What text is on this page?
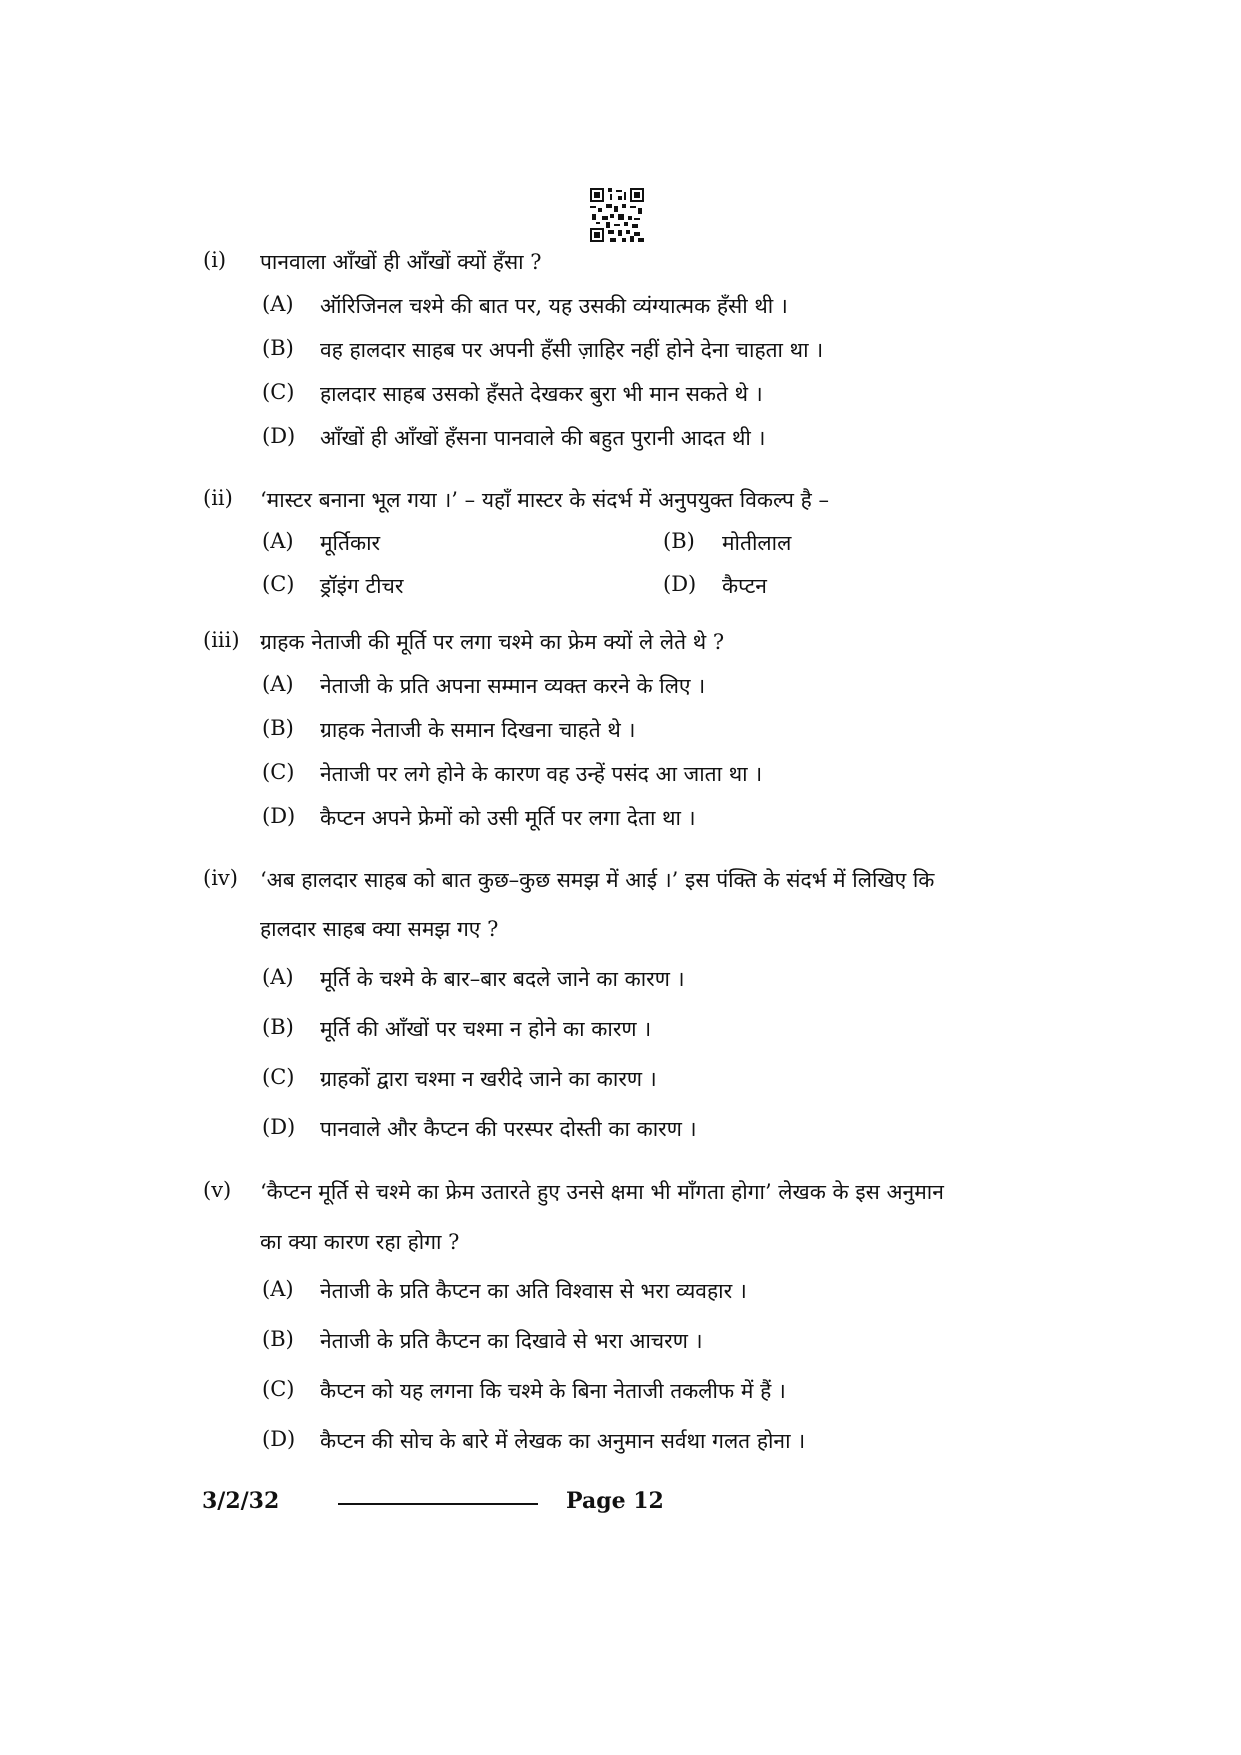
(i) पानवाला आँखों ही आँखों क्यों हँसा ?
(A) ऑरिजिनल चश्मे की बात पर, यह उसकी व्यंग्यात्मक हँसी थी ।
(B) वह हालदार साहब पर अपनी हँसी ज़ाहिर नहीं होने देना चाहता था ।
(C) हालदार साहब उसको हँसते देखकर बुरा भी मान सकते थे ।
(D) आँखों ही आँखों हँसना पानवाले की बहुत पुरानी आदत थी ।
(ii) ‘मास्टर बनाना भूल गया ।’ – यहाँ मास्टर के संदर्भ में अनुपयुक्त विकल्प है –
(A) मूर्तिकार	(B) मोतीलाल
(C) ड्रॉइंग टीचर	(D) कैप्टन
(iii) ग्राहक नेताजी की मूर्ति पर लगा चश्मे का फ्रेम क्यों ले लेते थे ?
(A) नेताजी के प्रति अपना सम्मान व्यक्त करने के लिए ।
(B) ग्राहक नेताजी के समान दिखना चाहते थे ।
(C) नेताजी पर लगे होने के कारण वह उन्हें पसंद आ जाता था ।
(D) कैप्टन अपने फ्रेमों को उसी मूर्ति पर लगा देता था ।
(iv) ‘अब हालदार साहब को बात कुछ–कुछ समझ में आई ।’ इस पंक्ति के संदर्भ में लिखिए कि
हालदार साहब क्या समझ गए ?
(A) मूर्ति के चश्मे के बार–बार बदले जाने का कारण ।
(B) मूर्ति की आँखों पर चश्मा न होने का कारण ।
(C) ग्राहकों द्वारा चश्मा न खरीदे जाने का कारण ।
(D) पानवाले और कैप्टन की परस्पर दोस्ती का कारण ।
(v) ‘कैप्टन मूर्ति से चश्मे का फ्रेम उतारते हुए उनसे क्षमा भी माँगता होगा’ लेखक के इस अनुमान
का क्या कारण रहा होगा ?
(A) नेताजी के प्रति कैप्टन का अति विश्वास से भरा व्यवहार ।
(B) नेताजी के प्रति कैप्टन का दिखावे से भरा आचरण ।
(C) कैप्टन को यह लगना कि चश्मे के बिना नेताजी तकलीफ में हैं ।
(D) कैप्टन की सोच के बारे में लेखक का अनुमान सर्वथा गलत होना ।
3/2/32	Page 12
